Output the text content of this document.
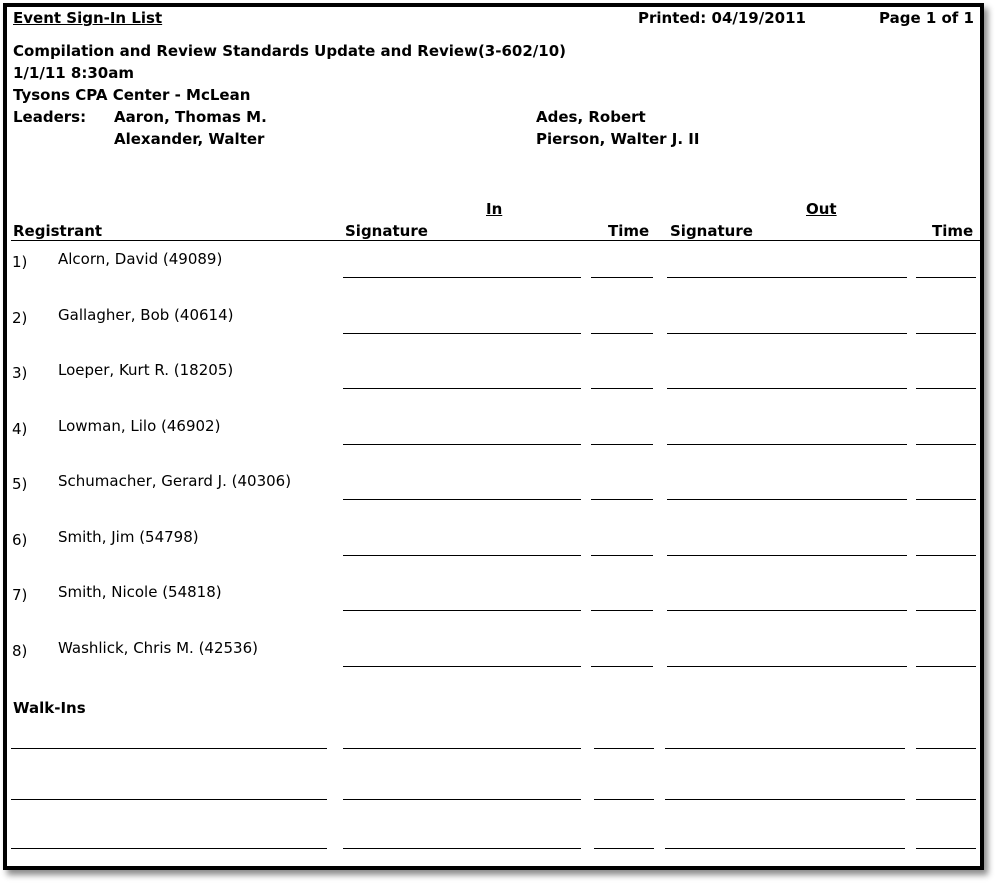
Event Sign-In List	Printed: 04/19/2011	Page 1 of 1
Compilation and Review Standards Update and Review(3-602/10)
1/1/11 8:30am
Tysons CPA Center - McLean
Leaders: Aaron, Thomas M.	Ades, Robert
Alexander, Walter	Pierson, Walter J. II
In	Out
Registrant	Signature	Time Signature	Time
1) Alcorn, David (49089)
2) Gallagher, Bob (40614)
3) Loeper, Kurt R. (18205)
4) Lowman, Lilo (46902)
5) Schumacher, Gerard J. (40306)
6) Smith, Jim (54798)
7) Smith, Nicole (54818)
8) Washlick, Chris M. (42536)
Walk-Ins
